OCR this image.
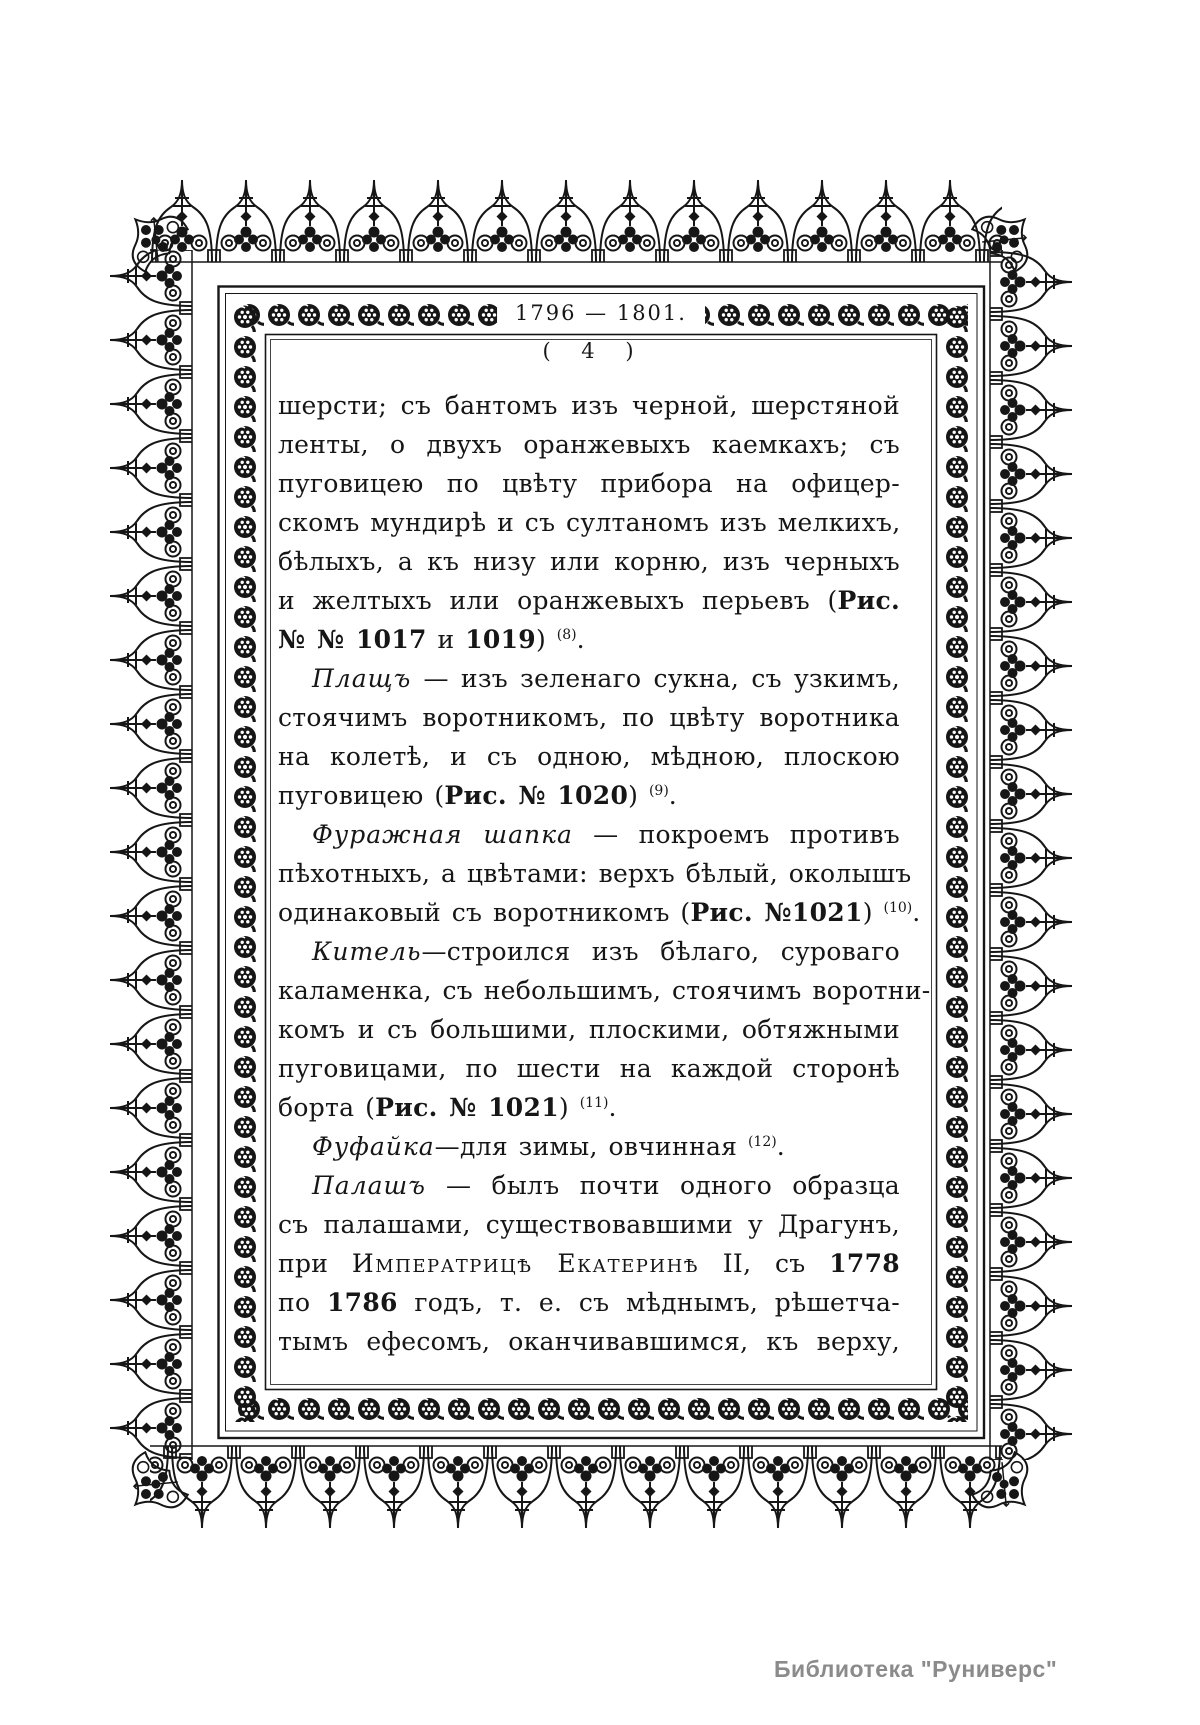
1796 — 1801.
( 4 )
шерсти; съ бантомъ изъ черной, шерстяной
ленты, о двухъ оранжевыхъ каемкахъ; съ
пуговицею по цвѣту прибора на офицер-
скомъ мундирѣ и съ султаномъ изъ мелкихъ,
бѣлыхъ, а къ низу или корню, изъ черныхъ
и желтыхъ или оранжевыхъ перьевъ (Рис.
№ № 1017 и 1019) $^{(8)}$.
Плащъ — изъ зеленаго сукна, съ узкимъ,
стоячимъ воротникомъ, по цвѣту воротника
на колетѣ, и съ одною, мѣдною, плоскою
пуговицею (Рис. № 1020) $^{(9)}$.
Фуражная шапка — покроемъ противъ
пѣхотныхъ, а цвѣтами: верхъ бѣлый, околышъ
одинаковый съ воротникомъ (Рис. №1021) $^{(10)}$.
Китель—строился изъ бѣлаго, суроваго
каламенка, съ небольшимъ, стоячимъ воротни-
комъ и съ большими, плоскими, обтяжными
пуговицами, по шести на каждой сторонѣ
борта (Рис. № 1021) $^{(11)}$.
Фуфайка—для зимы, овчинная $^{(12)}$.
Палашъ — былъ почти одного образца
съ палашами, существовавшими у Драгунъ,
при Императрицѣ Екатеринѣ II, съ 1778
по 1786 годъ, т. е. съ мѣднымъ, рѣшетча-
тымъ ефесомъ, оканчивавшимся, къ верху,
Библиотека "Руниверс"
